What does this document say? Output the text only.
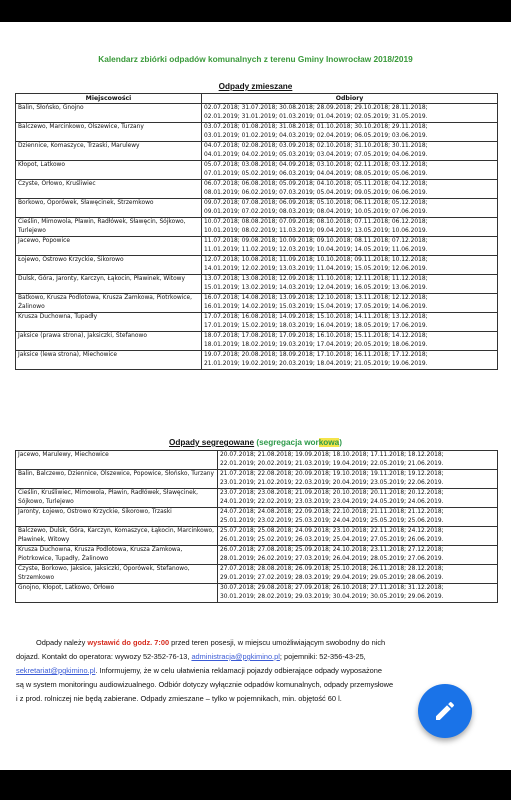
Kalendarz zbiórki odpadów komunalnych z terenu Gminy Inowrocław 2018/2019
Odpady zmieszane
Miejscowości	Odbiory
Balin, Słońsko, Gnojno	02.07.2018; 31.07.2018; 30.08.2018; 28.09.2018; 29.10.2018; 28.11.2018;
02.01.2019; 31.01.2019; 01.03.2019; 01.04.2019; 02.05.2019; 31.05.2019.

Balczewo, Marcinkowo, Olszewice, Turzany	03.07.2018; 01.08.2018; 31.08.2018; 01.10.2018; 30.10.2018; 29.11.2018;
03.01.2019; 01.02.2019; 04.03.2019; 02.04.2019; 06.05.2019; 03.06.2019.

Dziennice, Komaszyce, Trzaski, Marulewy	04.07.2018; 02.08.2018; 03.09.2018; 02.10.2018; 31.10.2018; 30.11.2018;
04.01.2019; 04.02.2019; 05.03.2019; 03.04.2019; 07.05.2019; 04.06.2019.

Kłopot, Latkowo	05.07.2018; 03.08.2018; 04.09.2018; 03.10.2018; 02.11.2018; 03.12.2018;
07.01.2019; 05.02.2019; 06.03.2019; 04.04.2019; 08.05.2019; 05.06.2019.

Czyste, Orłowo, Kruśliwiec	06.07.2018; 06.08.2018; 05.09.2018; 04.10.2018; 05.11.2018; 04.12.2018;
08.01.2019; 06.02.2019; 07.03.2019; 05.04.2019; 09.05.2019; 06.06.2019.

Borkowo, Oporówek, Sławęcinek, Strzemkowo	09.07.2018; 07.08.2018; 06.09.2018; 05.10.2018; 06.11.2018; 05.12.2018;
09.01.2019; 07.02.2019; 08.03.2019; 08.04.2019; 10.05.2019; 07.06.2019.

Cieślin, Mimowola, Pławin, Radłówek, Sławęcin, Sójkowo, Turlejewo	10.07.2018; 08.08.2018; 07.09.2018; 08.10.2018; 07.11.2018; 06.12.2018;
10.01.2019; 08.02.2019; 11.03.2019; 09.04.2019; 13.05.2019; 10.06.2019.

Jacewo, Popowice	11.07.2018; 09.08.2018; 10.09.2018; 09.10.2018; 08.11.2018; 07.12.2018;
11.01.2019; 11.02.2019; 12.03.2019; 10.04.2019; 14.05.2019; 11.06.2019.

Łojewo, Ostrowo Krzyckie, Sikorowo	12.07.2018; 10.08.2018; 11.09.2018; 10.10.2018; 09.11.2018; 10.12.2018;
14.01.2019; 12.02.2019; 13.03.2019; 11.04.2019; 15.05.2019; 12.06.2019.

Dulsk, Góra, Jaronty, Karczyn, Łąkocin, Pławinek, Witowy	13.07.2018; 13.08.2018; 12.09.2018; 11.10.2018; 12.11.2018; 11.12.2018;
15.01.2019; 13.02.2019; 14.03.2019; 12.04.2019; 16.05.2019; 13.06.2019.

Batkowo, Krusza Podlotowa, Krusza Zamkowa, Piotrkowice, Żalinowo	16.07.2018; 14.08.2018; 13.09.2018; 12.10.2018; 13.11.2018; 12.12.2018;
16.01.2019; 14.02.2019; 15.03.2019; 15.04.2019; 17.05.2019; 14.06.2019.

Krusza Duchowna, Tupadły	17.07.2018; 16.08.2018; 14.09.2018; 15.10.2018; 14.11.2018; 13.12.2018;
17.01.2019; 15.02.2019; 18.03.2019; 16.04.2019; 18.05.2019; 17.06.2019.

Jaksice (prawa strona), Jaksiczki, Stefanowo	18.07.2018; 17.08.2018; 17.09.2018; 16.10.2018; 15.11.2018; 14.12.2018;
18.01.2019; 18.02.2019; 19.03.2019; 17.04.2019; 20.05.2019; 18.06.2019.

Jaksice (lewa strona), Miechowice	19.07.2018; 20.08.2018; 18.09.2018; 17.10.2018; 16.11.2018; 17.12.2018;
21.01.2019; 19.02.2019; 20.03.2019; 18.04.2019; 21.05.2019; 19.06.2019.
Odpady segregowane (segregacja workowa)
Jacewo, Marulewy, Miechowice	20.07.2018; 21.08.2018; 19.09.2018; 18.10.2018; 17.11.2018; 18.12.2018;
22.01.2019; 20.02.2019; 21.03.2019; 19.04.2019; 22.05.2019; 21.06.2019.

Balin, Balczewo, Dziennice, Olszewice, Popowice, Słońsko, Turzany	21.07.2018; 22.08.2018; 20.09.2018; 19.10.2018; 19.11.2018; 19.12.2018;
23.01.2019; 21.02.2019; 22.03.2019; 20.04.2019; 23.05.2019; 22.06.2019.

Cieślin, Kruśliwiec, Mimowola, Pławin, Radłówek, Sławęcinek, Sójkowo, Turlejewo	23.07.2018; 23.08.2018; 21.09.2018; 20.10.2018; 20.11.2018; 20.12.2018;
24.01.2019; 22.02.2019; 23.03.2019; 23.04.2019; 24.05.2019; 24.06.2019.

Jaronty, Łojewo, Ostrowo Krzyckie, Sikorowo, Trzaski	24.07.2018; 24.08.2018; 22.09.2018; 22.10.2018; 21.11.2018; 21.12.2018;
25.01.2019; 23.02.2019; 25.03.2019; 24.04.2019; 25.05.2019; 25.06.2019.

Balczewo, Dulsk, Góra, Karczyn, Komaszyce, Łąkocin, Marcinkowo, Pławinek, Witowy	25.07.2018; 25.08.2018; 24.09.2018; 23.10.2018; 22.11.2018; 24.12.2018;
26.01.2019; 25.02.2019; 26.03.2019; 25.04.2019; 27.05.2019; 26.06.2019.

Krusza Duchowna, Krusza Podlotowa, Krusza Zamkowa, Piotrkowice, Tupadły, Żalinowo	26.07.2018; 27.08.2018; 25.09.2018; 24.10.2018; 23.11.2018; 27.12.2018;
28.01.2019; 26.02.2019; 27.03.2019; 26.04.2019; 28.05.2019; 27.06.2019.

Czyste, Borkowo, Jaksice, Jaksiczki, Oporówek, Stefanowo, Strzemkowo	27.07.2018; 28.08.2018; 26.09.2018; 25.10.2018; 26.11.2018; 28.12.2018;
29.01.2019; 27.02.2019; 28.03.2019; 29.04.2019; 29.05.2019; 28.06.2019.

Gnojno, Kłopot, Latkowo, Orłowo	30.07.2018; 29.08.2018; 27.09.2018; 26.10.2018; 27.11.2018; 31.12.2018;
30.01.2019; 28.02.2019; 29.03.2019; 30.04.2019; 30.05.2019; 29.06.2019.
Odpady należy wystawić do godz. 7:00 przed teren posesji, w miejscu umożliwiającym swobodny do nich
dojazd. Kontakt do operatora: wywozy 52-352-76-13, administracja@pgkimino.pl; pojemniki: 52-356-43-25,
sekretariat@pgkimino.pl. Informujemy, że w celu ułatwienia reklamacji pojazdy odbierające odpady wyposażone
są w system monitoringu audiowizualnego. Odbiór dotyczy wyłącznie odpadów komunalnych, odpady przemysłowe
i z prod. rolniczej nie będą zabierane. Odpady zmieszane – tylko w pojemnikach, min. objętość 60 l.
